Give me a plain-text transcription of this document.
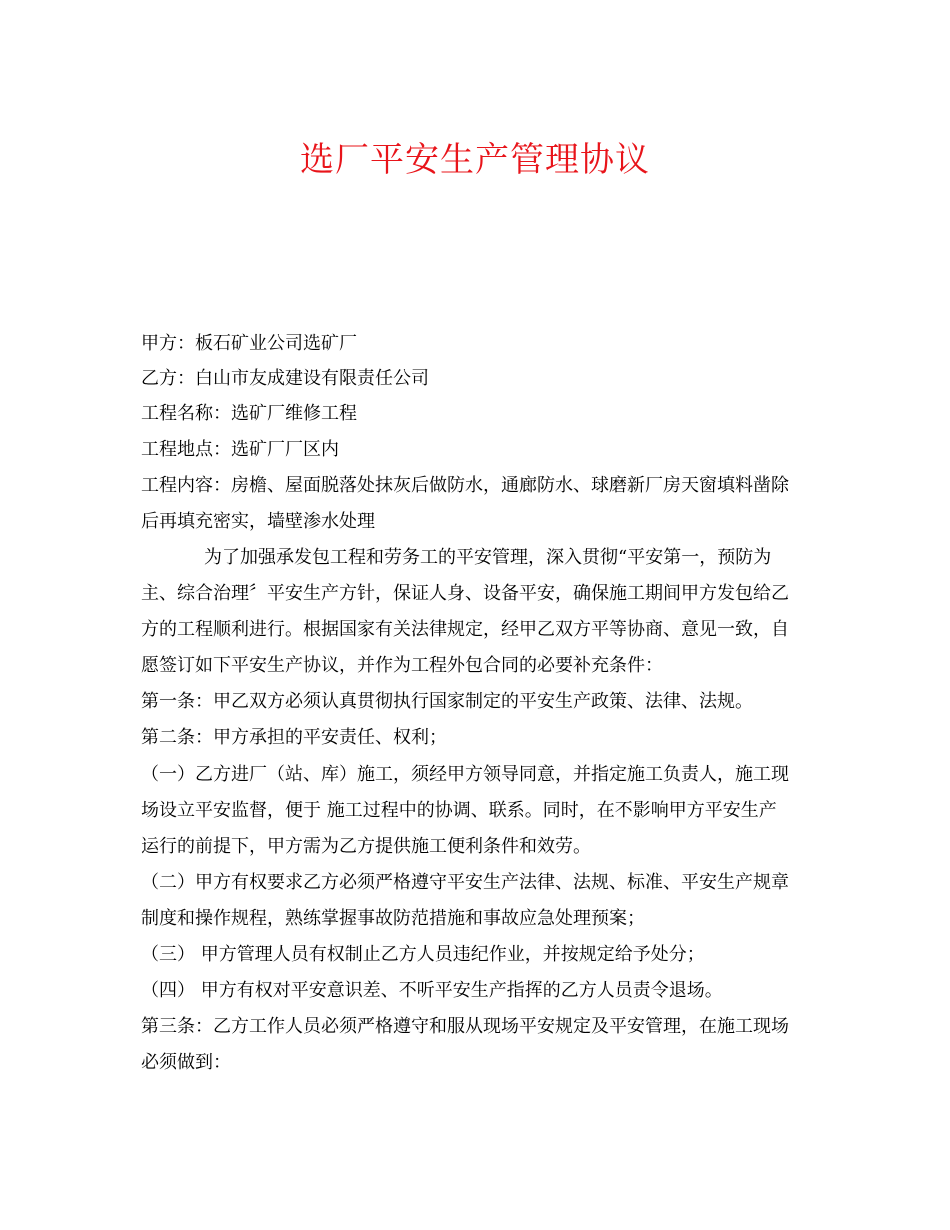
选厂平安生产管理协议
甲方：板石矿业公司选矿厂
乙方：白山市友成建设有限责任公司
工程名称：选矿厂维修工程
工程地点：选矿厂厂区内
工程内容：房檐、屋面脱落处抹灰后做防水，通廊防水、球磨新厂房天窗填料凿除
后再填充密实，墙壁渗水处理
为了加强承发包工程和劳务工的平安管理，深入贯彻“平安第一，预防为
主、综合治理〞平安生产方针，保证人身、设备平安，确保施工期间甲方发包给乙
方的工程顺利进行。根据国家有关法律规定，经甲乙双方平等协商、意见一致，自
愿签订如下平安生产协议，并作为工程外包合同的必要补充条件：
第一条：甲乙双方必须认真贯彻执行国家制定的平安生产政策、法律、法规。
第二条：甲方承担的平安责任、权利；
（一）乙方进厂（站、库）施工，须经甲方领导同意，并指定施工负责人，施工现
场设立平安监督，便于 施工过程中的协调、联系。同时，在不影响甲方平安生产
运行的前提下，甲方需为乙方提供施工便利条件和效劳。
（二）甲方有权要求乙方必须严格遵守平安生产法律、法规、标准、平安生产规章
制度和操作规程，熟练掌握事故防范措施和事故应急处理预案；
（三） 甲方管理人员有权制止乙方人员违纪作业，并按规定给予处分；
（四） 甲方有权对平安意识差、不听平安生产指挥的乙方人员责令退场。
第三条：乙方工作人员必须严格遵守和服从现场平安规定及平安管理，在施工现场
必须做到：
